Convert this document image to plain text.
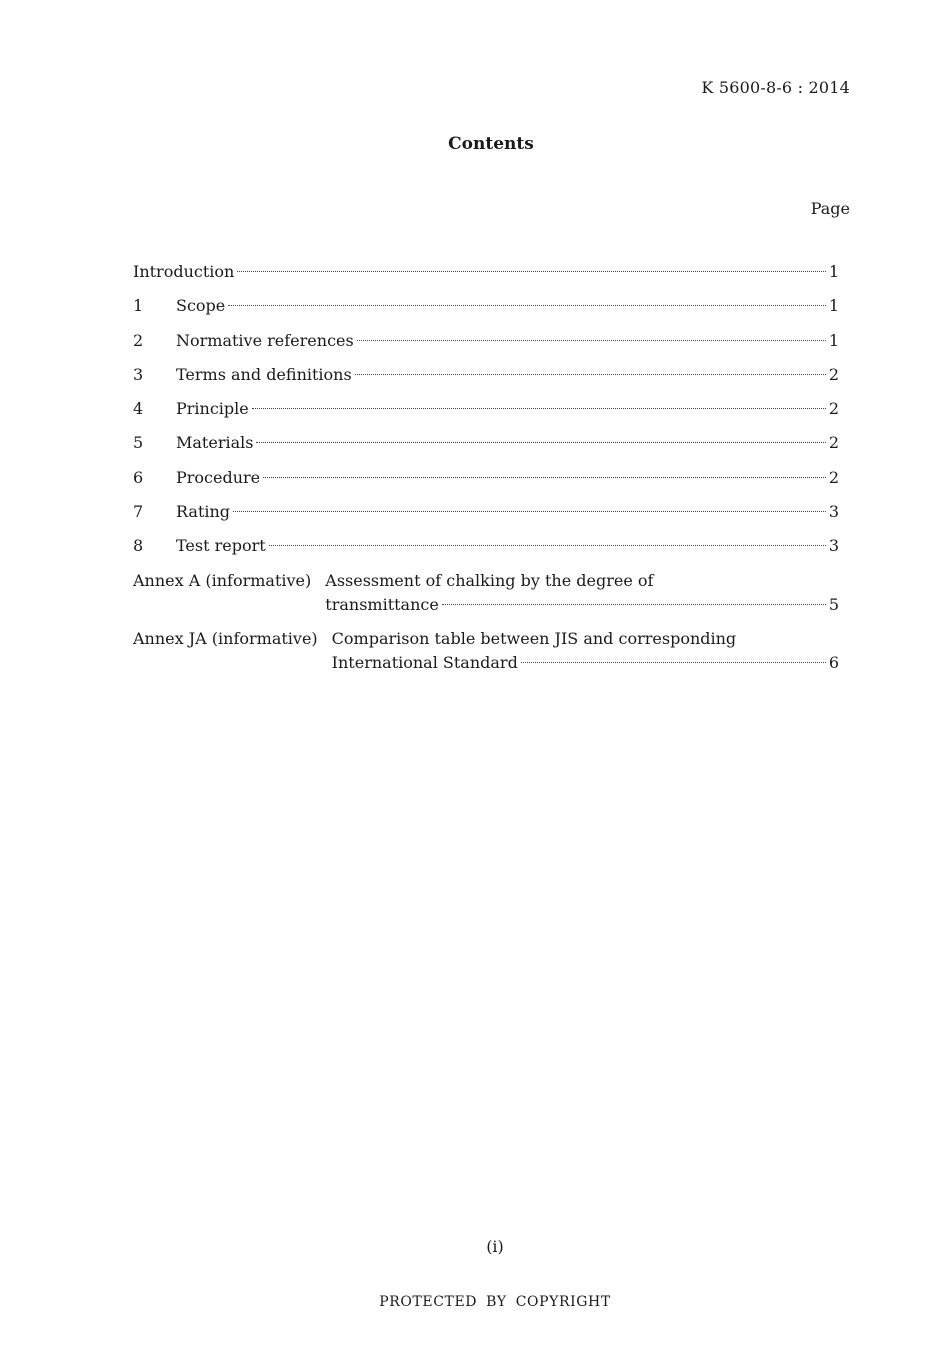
K 5600-8-6 : 2014
Contents
Page
Introduction	1
1	Scope	1
2	Normative references	1
3	Terms and definitions	2
4	Principle	2
5	Materials	2
6	Procedure	2
7	Rating	3
8	Test report	3
Annex A (informative) Assessment of chalking by the degree of
transmittance	5
Annex JA (informative) Comparison table between JIS and corresponding
International Standard	6
(i)
PROTECTED BY COPYRIGHT
